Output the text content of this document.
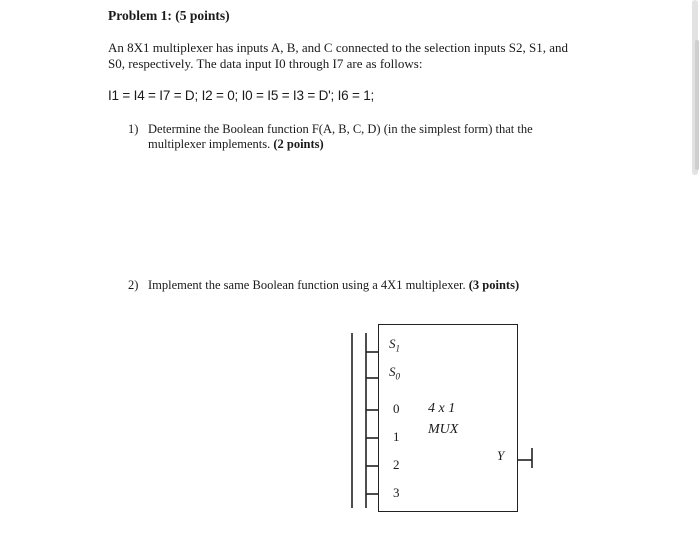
Problem 1: (5 points)
An 8X1 multiplexer has inputs A, B, and C connected to the selection inputs S2, S1, and
S0, respectively. The data input I0 through I7 are as follows:
I1 = I4 = I7 = D; I2 = 0; I0 = I5 = I3 = D'; I6 = 1;
1) Determine the Boolean function F(A, B, C, D) (in the simplest form) that the
multiplexer implements. (2 points)
2) Implement the same Boolean function using a 4X1 multiplexer. (3 points)
$S_1$
$S_0$
0
1
2
3
4 x 1
MUX
Y
